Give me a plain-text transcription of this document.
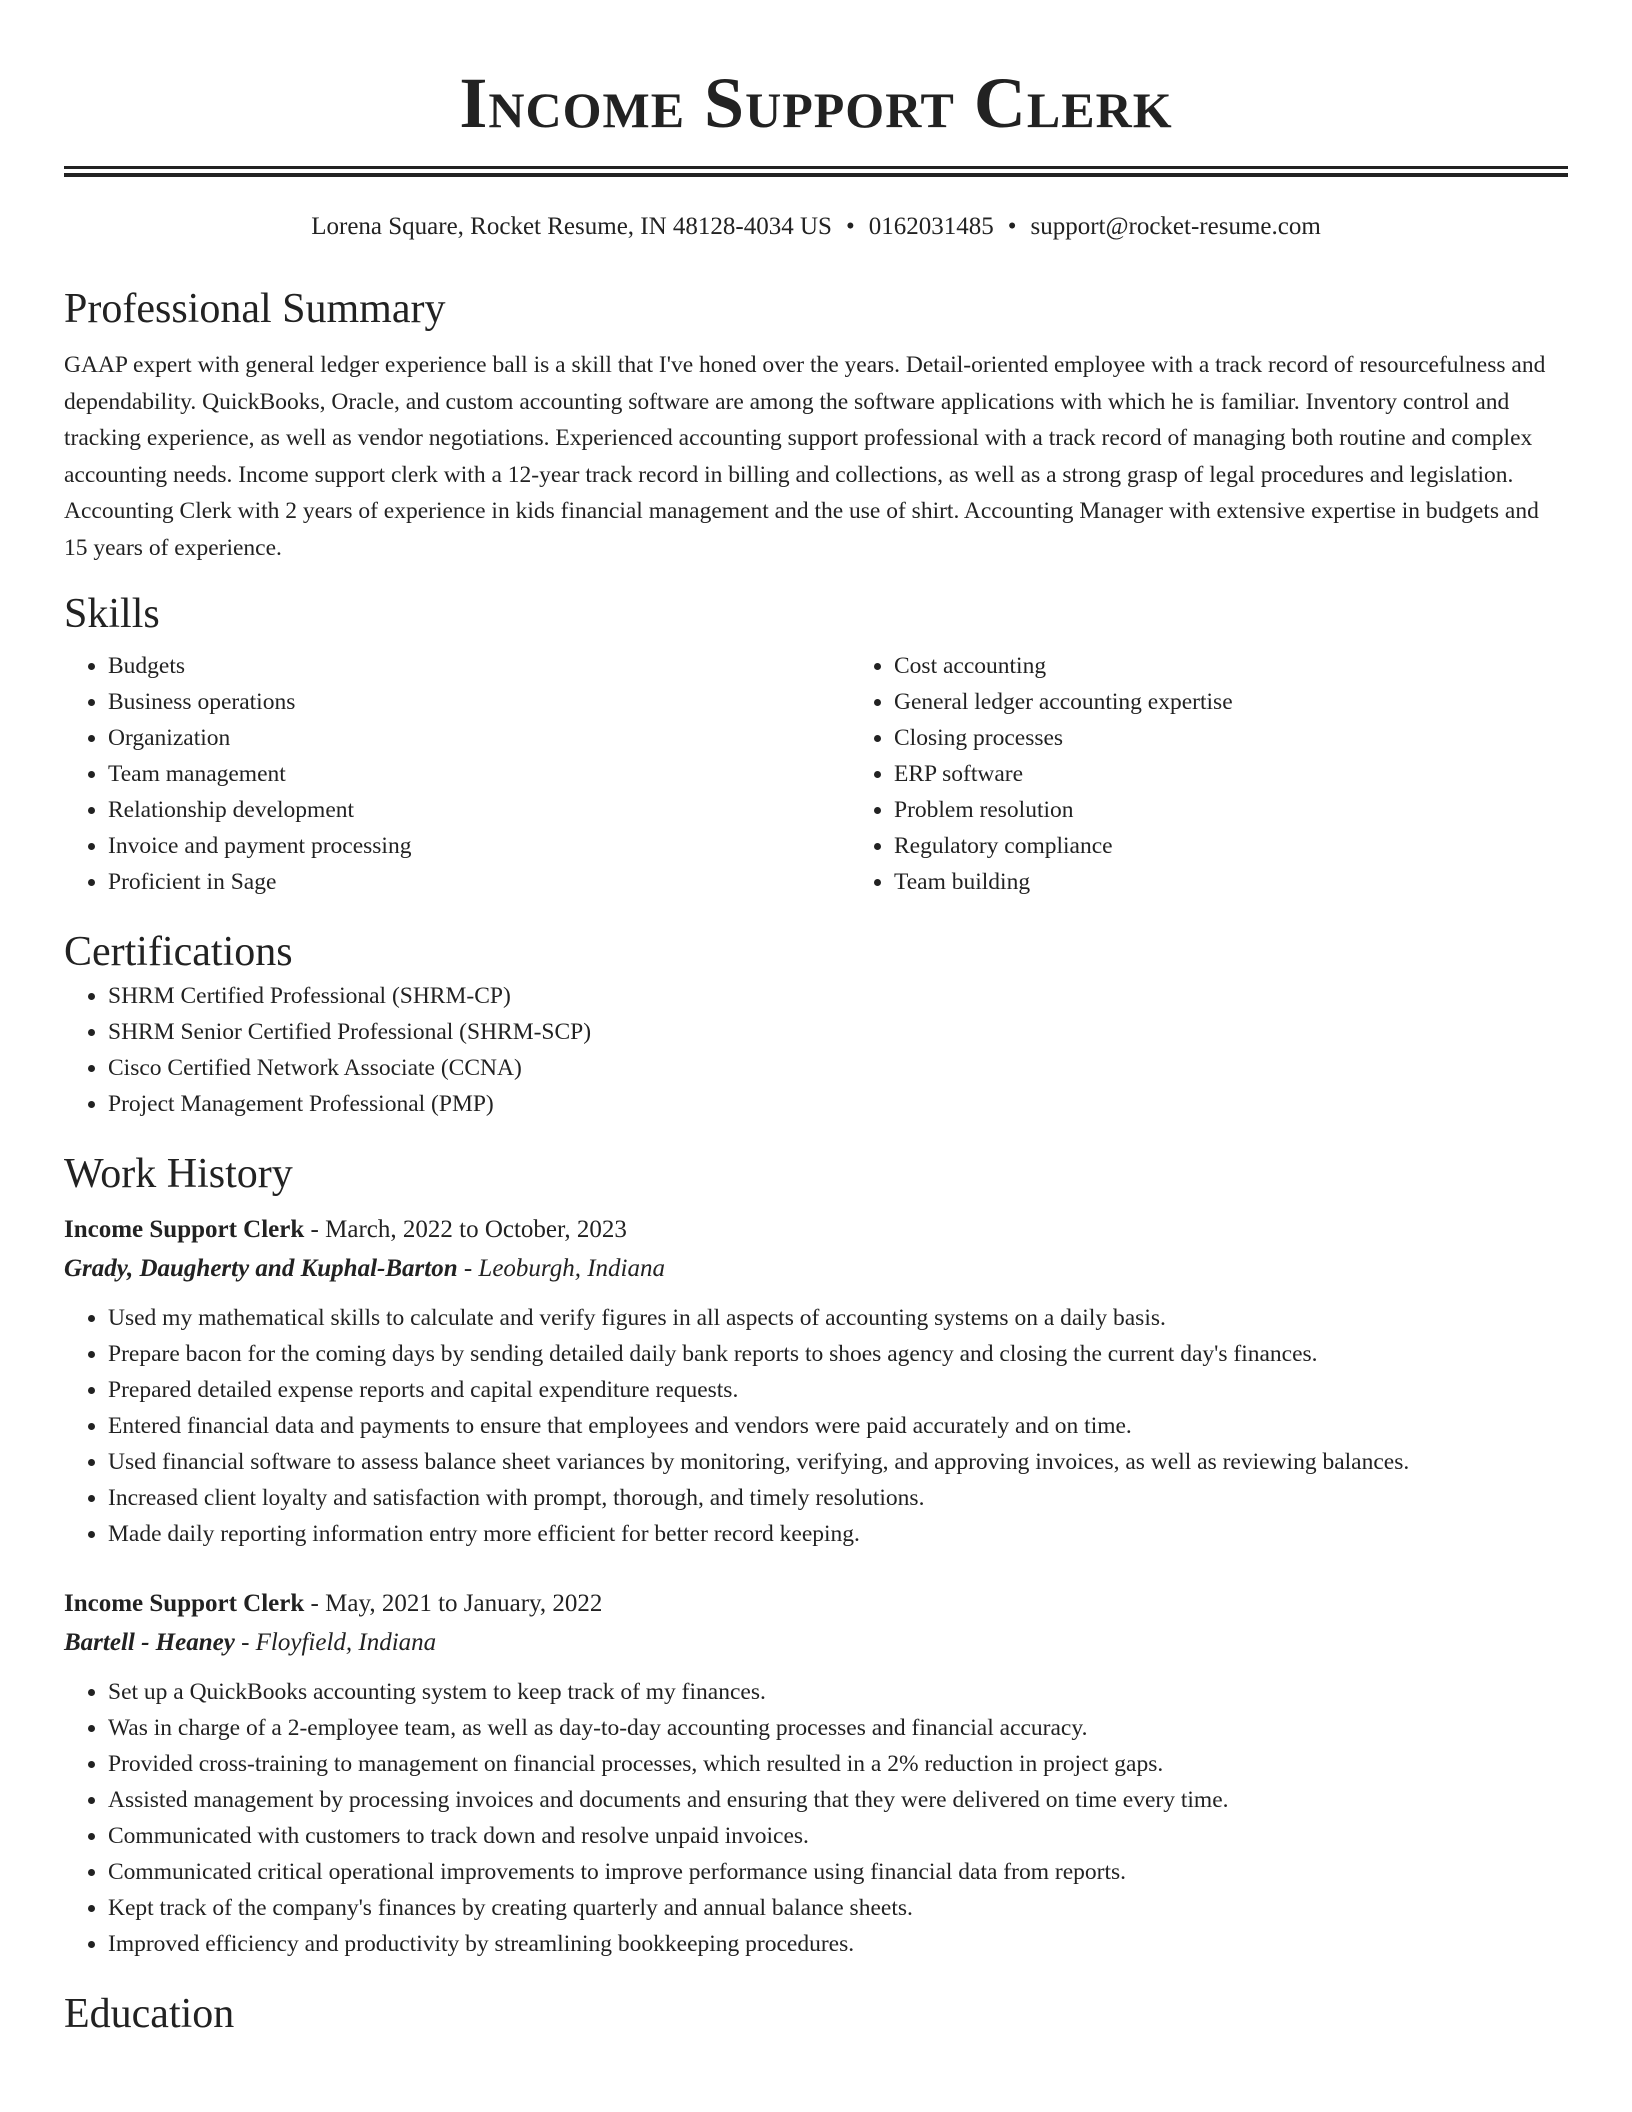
Income Support Clerk
Lorena Square, Rocket Resume, IN 48128-4034 US • 0162031485 • support@rocket-resume.com
Professional Summary

GAAP expert with general ledger experience ball is a skill that I've honed over the years. Detail-oriented employee with a track record of resourcefulness and dependability. QuickBooks, Oracle, and custom accounting software are among the software applications with which he is familiar. Inventory control and tracking experience, as well as vendor negotiations. Experienced accounting support professional with a track record of managing both routine and complex accounting needs. Income support clerk with a 12-year track record in billing and collections, as well as a strong grasp of legal procedures and legislation. Accounting Clerk with 2 years of experience in kids financial management and the use of shirt. Accounting Manager with extensive expertise in budgets and 15 years of experience.

Skills
• Budgets
• Business operations
• Organization
• Team management
• Relationship development
• Invoice and payment processing
• Proficient in Sage
• Cost accounting
• General ledger accounting expertise
• Closing processes
• ERP software
• Problem resolution
• Regulatory compliance
• Team building
Certifications
• SHRM Certified Professional (SHRM-CP)
• SHRM Senior Certified Professional (SHRM-SCP)
• Cisco Certified Network Associate (CCNA)
• Project Management Professional (PMP)
Work History
Income Support Clerk - March, 2022 to October, 2023
Grady, Daugherty and Kuphal-Barton - Leoburgh, Indiana
• Used my mathematical skills to calculate and verify figures in all aspects of accounting systems on a daily basis.
• Prepare bacon for the coming days by sending detailed daily bank reports to shoes agency and closing the current day's finances.
• Prepared detailed expense reports and capital expenditure requests.
• Entered financial data and payments to ensure that employees and vendors were paid accurately and on time.
• Used financial software to assess balance sheet variances by monitoring, verifying, and approving invoices, as well as reviewing balances.
• Increased client loyalty and satisfaction with prompt, thorough, and timely resolutions.
• Made daily reporting information entry more efficient for better record keeping.
Income Support Clerk - May, 2021 to January, 2022
Bartell - Heaney - Floyfield, Indiana
• Set up a QuickBooks accounting system to keep track of my finances.
• Was in charge of a 2-employee team, as well as day-to-day accounting processes and financial accuracy.
• Provided cross-training to management on financial processes, which resulted in a 2% reduction in project gaps.
• Assisted management by processing invoices and documents and ensuring that they were delivered on time every time.
• Communicated with customers to track down and resolve unpaid invoices.
• Communicated critical operational improvements to improve performance using financial data from reports.
• Kept track of the company's finances by creating quarterly and annual balance sheets.
• Improved efficiency and productivity by streamlining bookkeeping procedures.
Education
